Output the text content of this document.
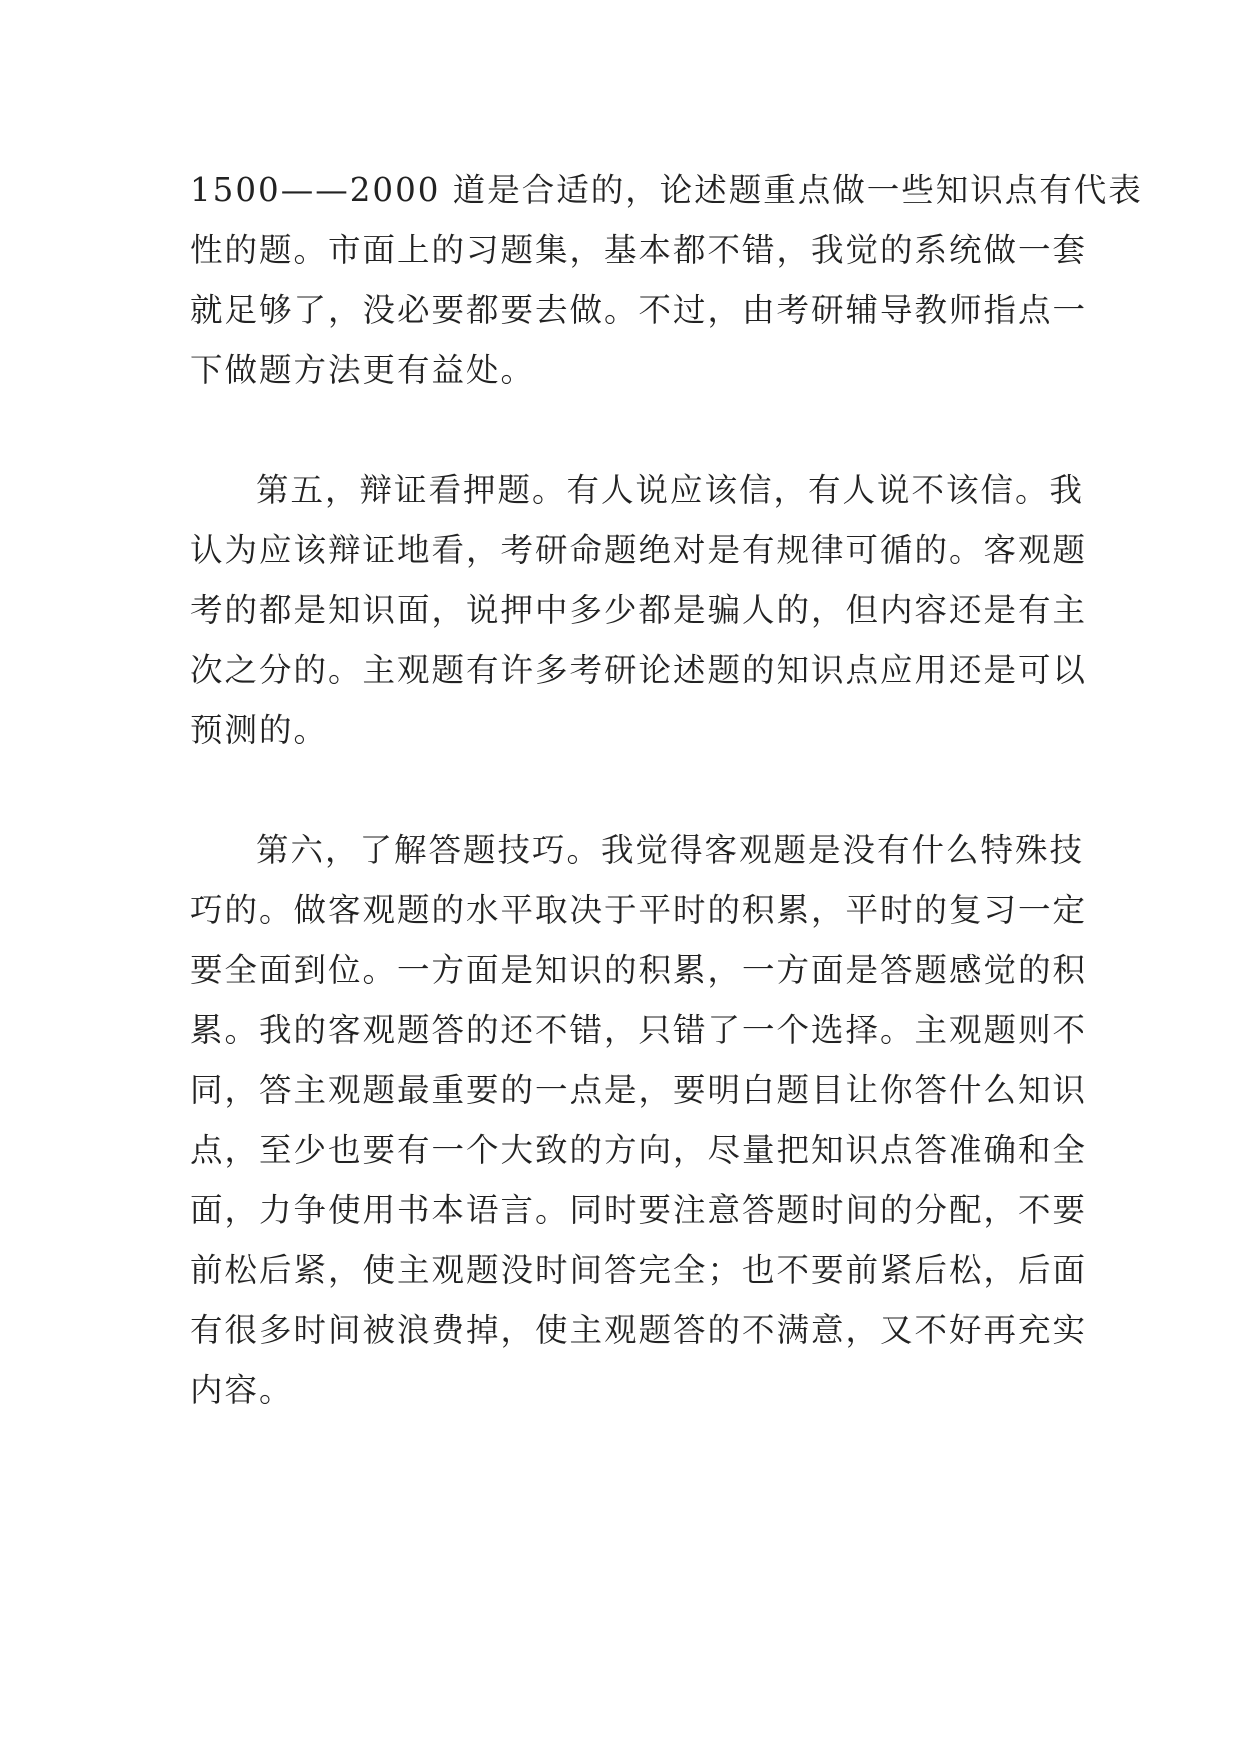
1500——2000 道是合适的，论述题重点做一些知识点有代表
性的题。市面上的习题集，基本都不错，我觉的系统做一套
就足够了，没必要都要去做。不过，由考研辅导教师指点一
下做题方法更有益处。
第五，辩证看押题。有人说应该信，有人说不该信。我
认为应该辩证地看，考研命题绝对是有规律可循的。客观题
考的都是知识面，说押中多少都是骗人的，但内容还是有主
次之分的。主观题有许多考研论述题的知识点应用还是可以
预测的。
第六，了解答题技巧。我觉得客观题是没有什么特殊技
巧的。做客观题的水平取决于平时的积累，平时的复习一定
要全面到位。一方面是知识的积累，一方面是答题感觉的积
累。我的客观题答的还不错，只错了一个选择。主观题则不
同，答主观题最重要的一点是，要明白题目让你答什么知识
点，至少也要有一个大致的方向，尽量把知识点答准确和全
面，力争使用书本语言。同时要注意答题时间的分配，不要
前松后紧，使主观题没时间答完全；也不要前紧后松，后面
有很多时间被浪费掉，使主观题答的不满意，又不好再充实
内容。
